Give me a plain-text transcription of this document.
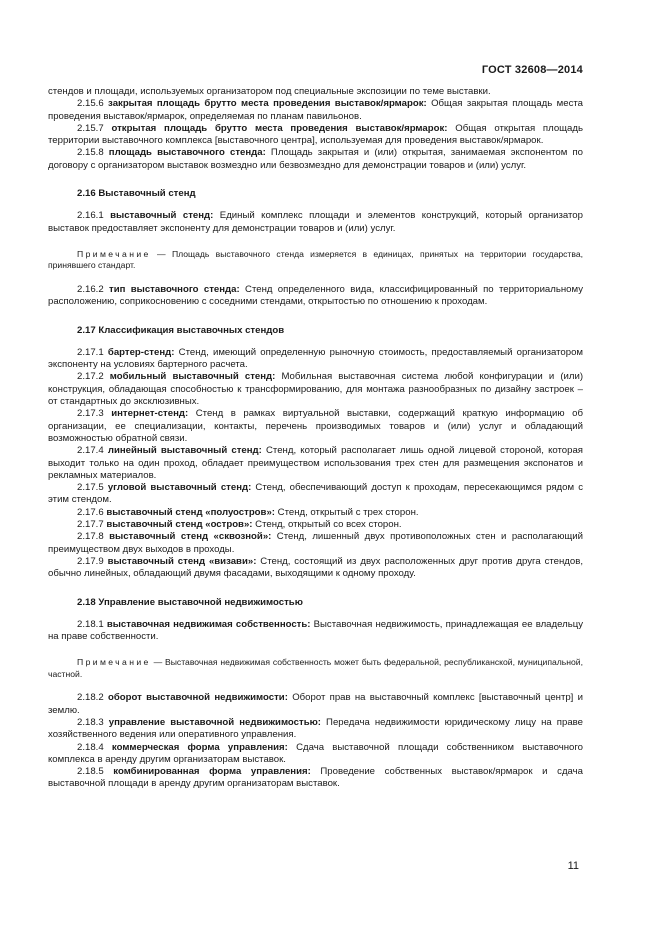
ГОСТ 32608—2014
стендов и площади, используемых организатором под специальные экспозиции по теме выставки.
2.15.6 закрытая площадь брутто места проведения выставок/ярмарок: Общая закрытая площадь места проведения выставок/ярмарок, определяемая по планам павильонов.
2.15.7 открытая площадь брутто места проведения выставок/ярмарок: Общая открытая площадь территории выставочного комплекса [выставочного центра], используемая для проведения выставок/ярмарок.
2.15.8 площадь выставочного стенда: Площадь закрытая и (или) открытая, занимаемая экспонентом по договору с организатором выставок возмездно или безвозмездно для демонстрации товаров и (или) услуг.
2.16 Выставочный стенд
2.16.1 выставочный стенд: Единый комплекс площади и элементов конструкций, который организатор выставок предоставляет экспоненту для демонстрации товаров и (или) услуг.
Примечание — Площадь выставочного стенда измеряется в единицах, принятых на территории государства, принявшего стандарт.
2.16.2 тип выставочного стенда: Стенд определенного вида, классифицированный по территориальному расположению, соприкосновению с соседними стендами, открытостью по отношению к проходам.
2.17 Классификация выставочных стендов
2.17.1 бартер-стенд: Стенд, имеющий определенную рыночную стоимость, предоставляемый организатором экспоненту на условиях бартерного расчета.
2.17.2 мобильный выставочный стенд: Мобильная выставочная система любой конфигурации и (или) конструкция, обладающая способностью к трансформированию, для монтажа разнообразных по дизайну застроек – от стандартных до эксклюзивных.
2.17.3 интернет-стенд: Стенд в рамках виртуальной выставки, содержащий краткую информацию об организации, ее специализации, контакты, перечень производимых товаров и (или) услуг и обладающий возможностью обратной связи.
2.17.4 линейный выставочный стенд: Стенд, который располагает лишь одной лицевой стороной, которая выходит только на один проход, обладает преимуществом использования трех стен для размещения экспонатов и рекламных материалов.
2.17.5 угловой выставочный стенд: Стенд, обеспечивающий доступ к проходам, пересекающимся рядом с этим стендом.
2.17.6 выставочный стенд «полуостров»: Стенд, открытый с трех сторон.
2.17.7 выставочный стенд «остров»: Стенд, открытый со всех сторон.
2.17.8 выставочный стенд «сквозной»: Стенд, лишенный двух противоположных стен и располагающий преимуществом двух выходов в проходы.
2.17.9 выставочный стенд «визави»: Стенд, состоящий из двух расположенных друг против друга стендов, обычно линейных, обладающий двумя фасадами, выходящими к одному проходу.
2.18 Управление выставочной недвижимостью
2.18.1 выставочная недвижимая собственность: Выставочная недвижимость, принадлежащая ее владельцу на праве собственности.
Примечание — Выставочная недвижимая собственность может быть федеральной, республиканской, муниципальной, частной.
2.18.2 оборот выставочной недвижимости: Оборот прав на выставочный комплекс [выставочный центр] и землю.
2.18.3 управление выставочной недвижимостью: Передача недвижимости юридическому лицу на праве хозяйственного ведения или оперативного управления.
2.18.4 коммерческая форма управления: Сдача выставочной площади собственником выставочного комплекса в аренду другим организаторам выставок.
2.18.5 комбинированная форма управления: Проведение собственных выставок/ярмарок и сдача выставочной площади в аренду другим организаторам выставок.
11
